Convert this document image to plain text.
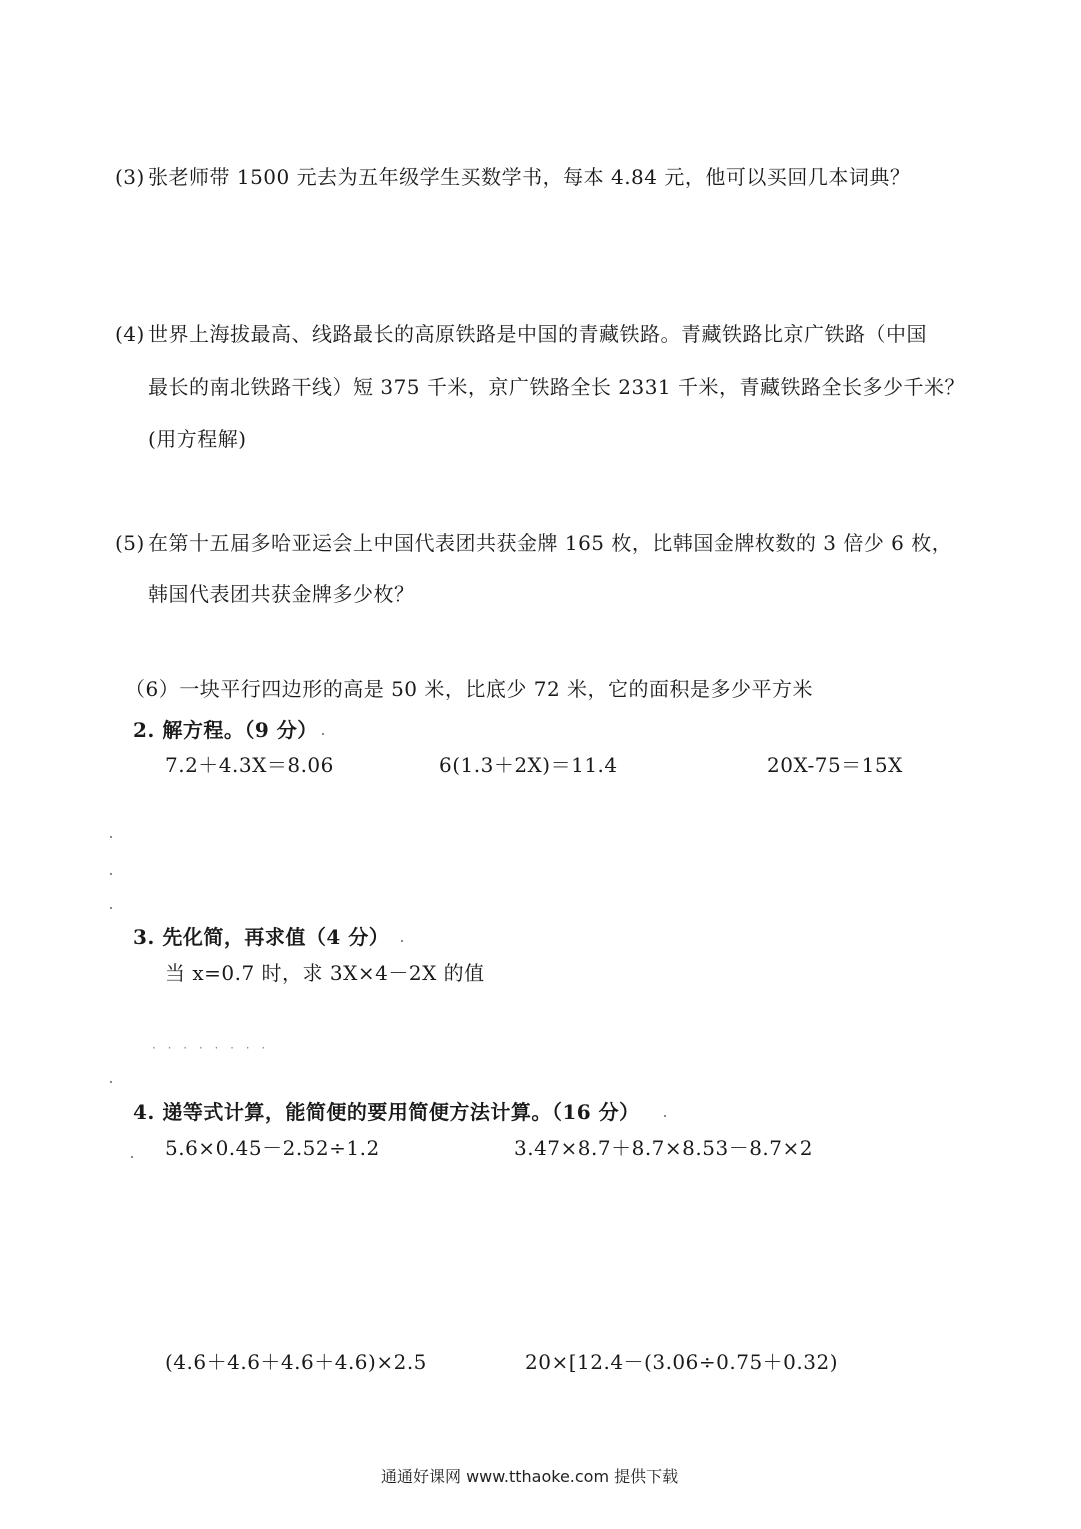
(3) 张老师带 1500 元去为五年级学生买数学书，每本 4.84 元，他可以买回几本词典？
(4) 世界上海拔最高、线路最长的高原铁路是中国的青藏铁路。青藏铁路比京广铁路（中国
最长的南北铁路干线）短 375 千米，京广铁路全长 2331 千米，青藏铁路全长多少千米？
(用方程解)
(5) 在第十五届多哈亚运会上中国代表团共获金牌 165 枚，比韩国金牌枚数的 3 倍少 6 枚，
韩国代表团共获金牌多少枚？
（6）一块平行四边形的高是 50 米，比底少 72 米，它的面积是多少平方米
2. 解方程。（9 分）
7.2＋4.3X＝8.06	6(1.3＋2X)＝11.4	20X-75＝15X
3. 先化简，再求值（4 分）
当 x=0.7 时，求 3X×4－2X 的值
· · · · · · · ·
4. 递等式计算，能简便的要用简便方法计算。（16 分）
5.6×0.45－2.52÷1.2	3.47×8.7＋8.7×8.53－8.7×2
(4.6＋4.6＋4.6＋4.6)×2.5	20×[12.4－(3.06÷0.75＋0.32)
通通好课网 www.tthaoke.com 提供下载
